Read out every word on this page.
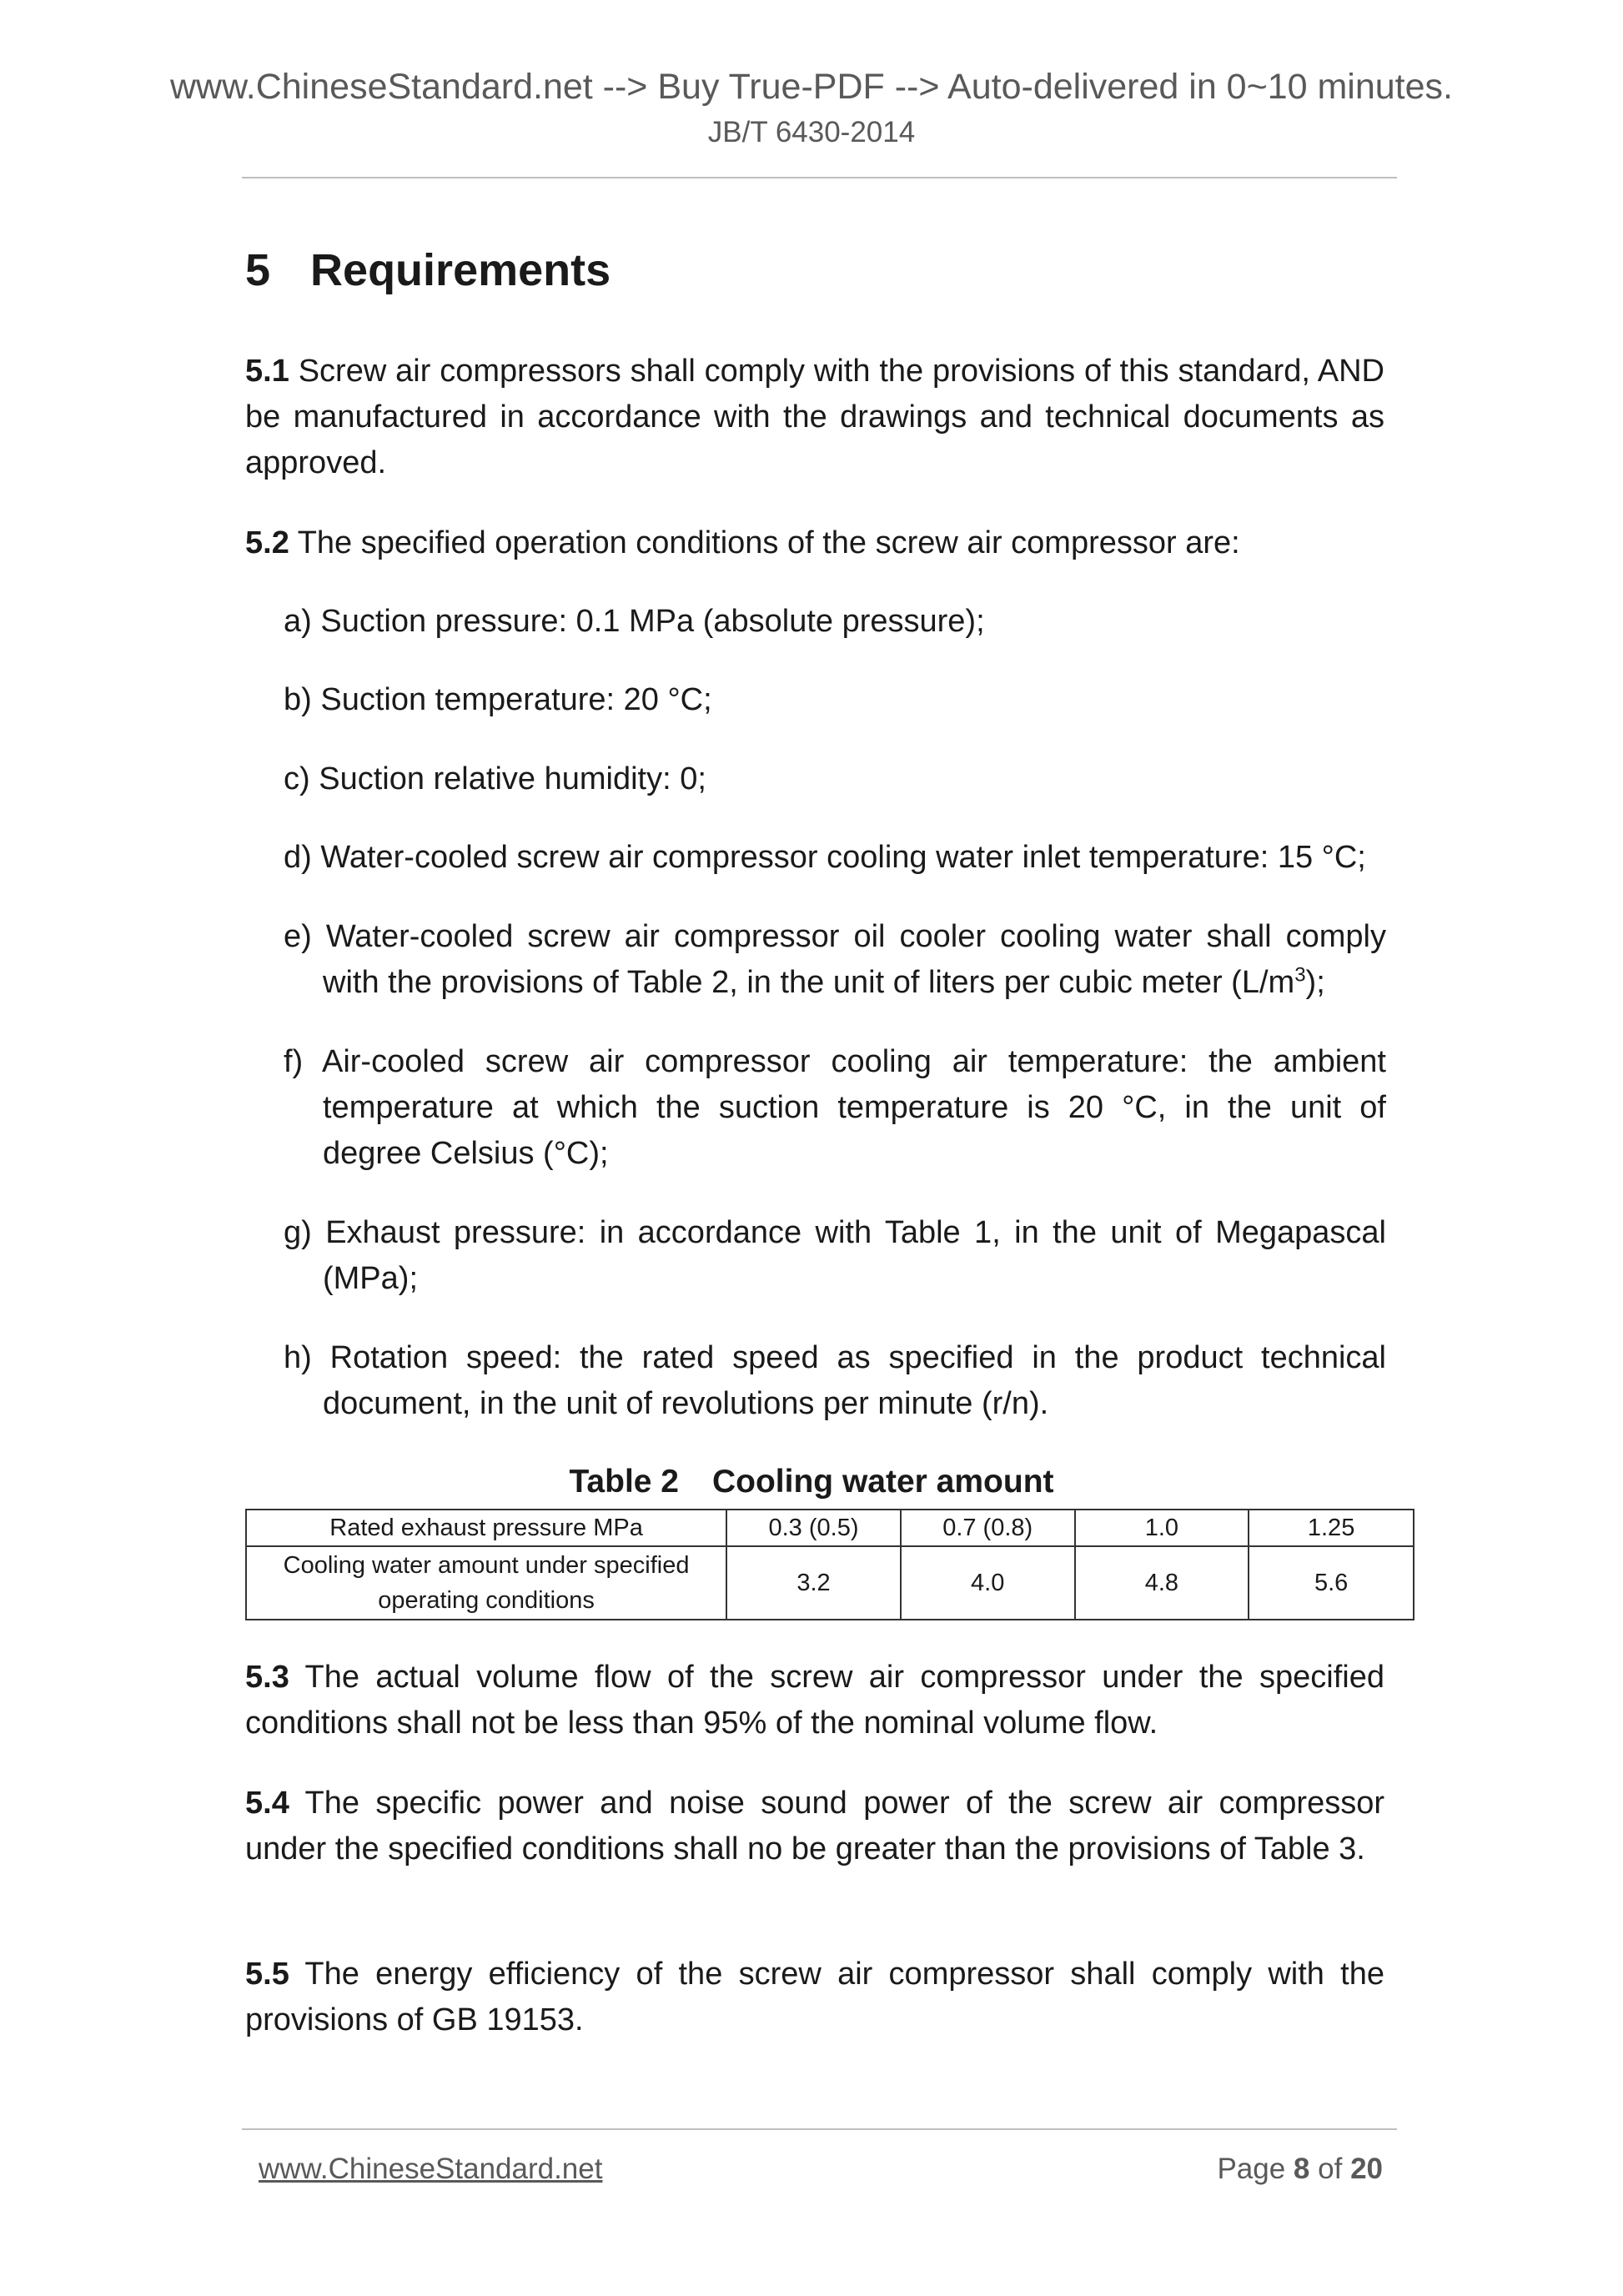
www.ChineseStandard.net --> Buy True-PDF --> Auto-delivered in 0~10 minutes.
JB/T 6430-2014
5 Requirements
5.1 Screw air compressors shall comply with the provisions of this standard, AND be manufactured in accordance with the drawings and technical documents as approved.
5.2 The specified operation conditions of the screw air compressor are:
a) Suction pressure: 0.1 MPa (absolute pressure);
b) Suction temperature: 20 °C;
c) Suction relative humidity: 0;
d) Water-cooled screw air compressor cooling water inlet temperature: 15 °C;
e) Water-cooled screw air compressor oil cooler cooling water shall comply
with the provisions of Table 2, in the unit of liters per cubic meter $(L/m^3)$;
f) Air-cooled screw air compressor cooling air temperature: the ambient
temperature at which the suction temperature is 20 °C, in the unit of
degree Celsius (°C);
g) Exhaust pressure: in accordance with Table 1, in the unit of Megapascal
(MPa);
h) Rotation speed: the rated speed as specified in the product technical
document, in the unit of revolutions per minute (r/n).
Table 2 Cooling water amount
Rated exhaust pressure MPa	0.3 (0.5)	0.7 (0.8)	1.0	1.25

Cooling water amount under specified
operating conditions	3.2	4.0	4.8	5.6
5.3 The actual volume flow of the screw air compressor under the specified conditions shall not be less than 95% of the nominal volume flow.
5.4 The specific power and noise sound power of the screw air compressor under the specified conditions shall no be greater than the provisions of Table 3.
5.5 The energy efficiency of the screw air compressor shall comply with the provisions of GB 19153.
www.ChineseStandard.net	Page 8 of 20
